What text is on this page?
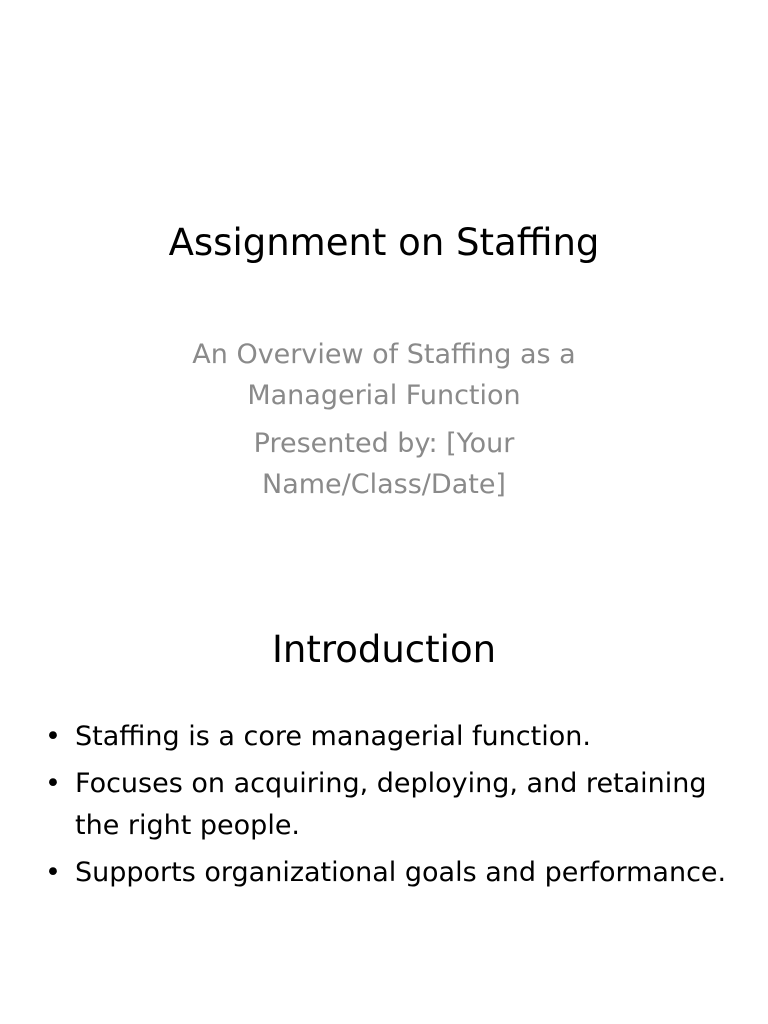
Assignment on Staffing

An Overview of Staffing as a Managerial Function

Presented by: [Your Name/Class/Date]

Introduction
• Staffing is a core managerial function.
• Focuses on acquiring, deploying, and retaining the right people.
• Supports organizational goals and performance.
